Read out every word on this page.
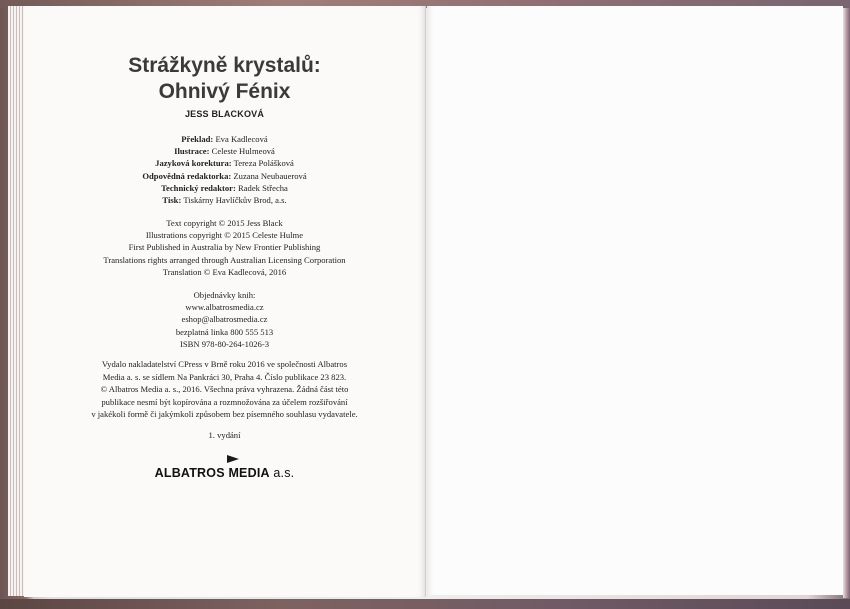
Strážkyně krystalů:
Ohnivý Fénix
JESS BLACKOVÁ
Překlad: Eva Kadlecová
Ilustrace: Celeste Hulmeová
Jazyková korektura: Tereza Polášková
Odpovědná redaktorka: Zuzana Neubauerová
Technický redaktor: Radek Střecha
Tisk: Tiskárny Havlíčkův Brod, a.s.
Text copyright © 2015 Jess Black
Illustrations copyright © 2015 Celeste Hulme
First Published in Australia by New Frontier Publishing
Translations rights arranged through Australian Licensing Corporation
Translation © Eva Kadlecová, 2016
Objednávky knih:
www.albatrosmedia.cz
eshop@albatrosmedia.cz
bezplatná linka 800 555 513
ISBN 978-80-264-1026-3
Vydalo nakladatelství CPress v Brně roku 2016 ve společnosti Albatros
Media a. s. se sídlem Na Pankráci 30, Praha 4. Číslo publikace 23 823.
© Albatros Media a. s., 2016. Všechna práva vyhrazena. Žádná část této
publikace nesmí být kopírována a rozmnožována za účelem rozšiřování
v jakékoli formě či jakýmkoli způsobem bez písemného souhlasu vydavatele.
1. vydání
ALBATROS MEDIA a.s.
